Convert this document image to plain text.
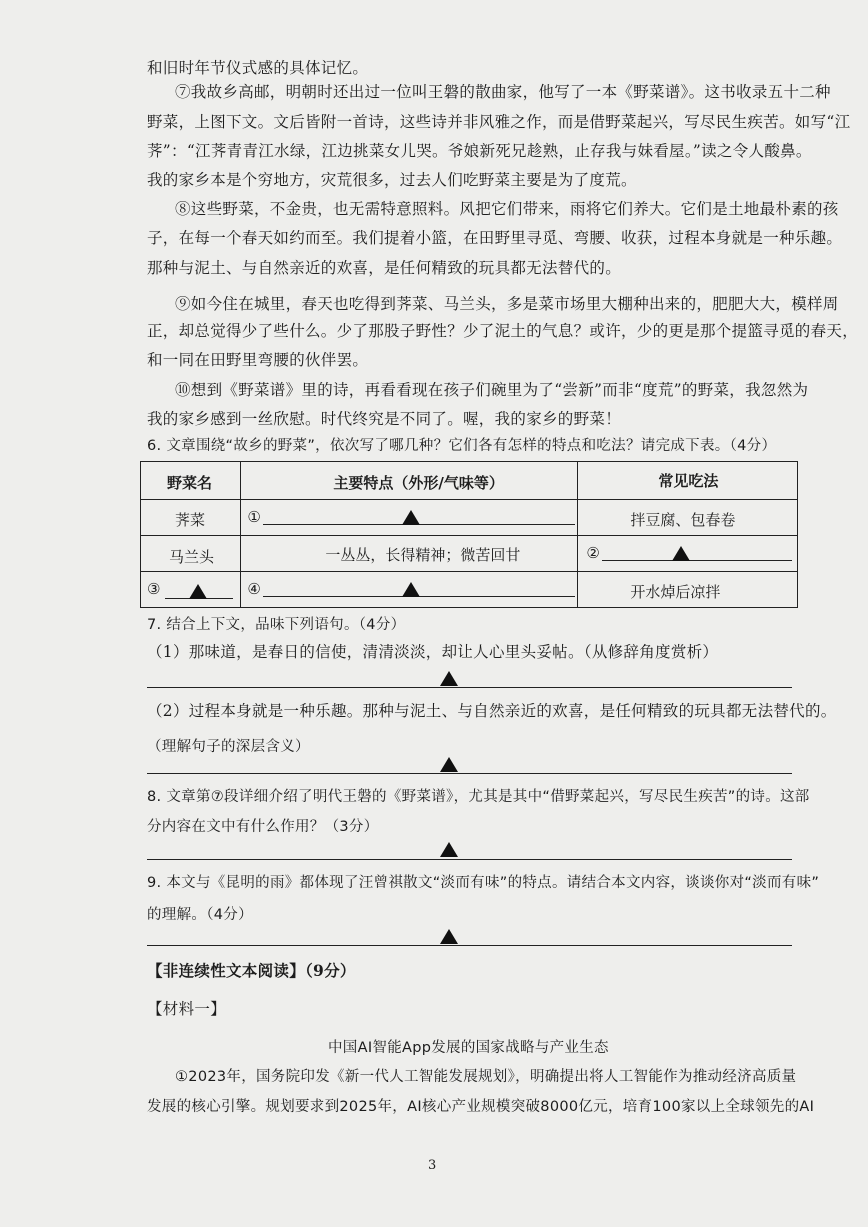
和旧时年节仪式感的具体记忆。
⑦我故乡高邮，明朝时还出过一位叫王磐的散曲家，他写了一本《野菜谱》。这书收录五十二种
野菜，上图下文。文后皆附一首诗，这些诗并非风雅之作，而是借野菜起兴，写尽民生疾苦。如写“江
荠”：“江荠青青江水绿，江边挑菜女儿哭。爷娘新死兄趁熟，止存我与妹看屋。”读之令人酸鼻。
我的家乡本是个穷地方，灾荒很多，过去人们吃野菜主要是为了度荒。
⑧这些野菜，不金贵，也无需特意照料。风把它们带来，雨将它们养大。它们是土地最朴素的孩
子，在每一个春天如约而至。我们提着小篮，在田野里寻觅、弯腰、收获，过程本身就是一种乐趣。
那种与泥土、与自然亲近的欢喜，是任何精致的玩具都无法替代的。
⑨如今住在城里，春天也吃得到荠菜、马兰头，多是菜市场里大棚种出来的，肥肥大大，模样周
正，却总觉得少了些什么。少了那股子野性？少了泥土的气息？或许，少的更是那个提篮寻觅的春天，
和一同在田野里弯腰的伙伴罢。
⑩想到《野菜谱》里的诗，再看看现在孩子们碗里为了“尝新”而非“度荒”的野菜，我忽然为
我的家乡感到一丝欣慰。时代终究是不同了。喔，我的家乡的野菜！
6. 文章围绕“故乡的野菜”，依次写了哪几种？它们各有怎样的特点和吃法？请完成下表。（4分）
野菜名	主要特点（外形/气味等）	常见吃法

荠菜	①	拌豆腐、包春卷

马兰头	一丛丛，长得精神；微苦回甘	②

③	④	开水焯后凉拌
7. 结合上下文，品味下列语句。（4分）
（1）那味道，是春日的信使，清清淡淡，却让人心里头妥帖。（从修辞角度赏析）
（2）过程本身就是一种乐趣。那种与泥土、与自然亲近的欢喜，是任何精致的玩具都无法替代的。
（理解句子的深层含义）
8. 文章第⑦段详细介绍了明代王磐的《野菜谱》，尤其是其中“借野菜起兴，写尽民生疾苦”的诗。这部
分内容在文中有什么作用？（3分）
9. 本文与《昆明的雨》都体现了汪曾祺散文“淡而有味”的特点。请结合本文内容，谈谈你对“淡而有味”
的理解。（4分）
【非连续性文本阅读】（9分）
【材料一】
中国AI智能App发展的国家战略与产业生态
①2023年，国务院印发《新一代人工智能发展规划》，明确提出将人工智能作为推动经济高质量
发展的核心引擎。规划要求到2025年，AI核心产业规模突破8000亿元，培育100家以上全球领先的AI
3
